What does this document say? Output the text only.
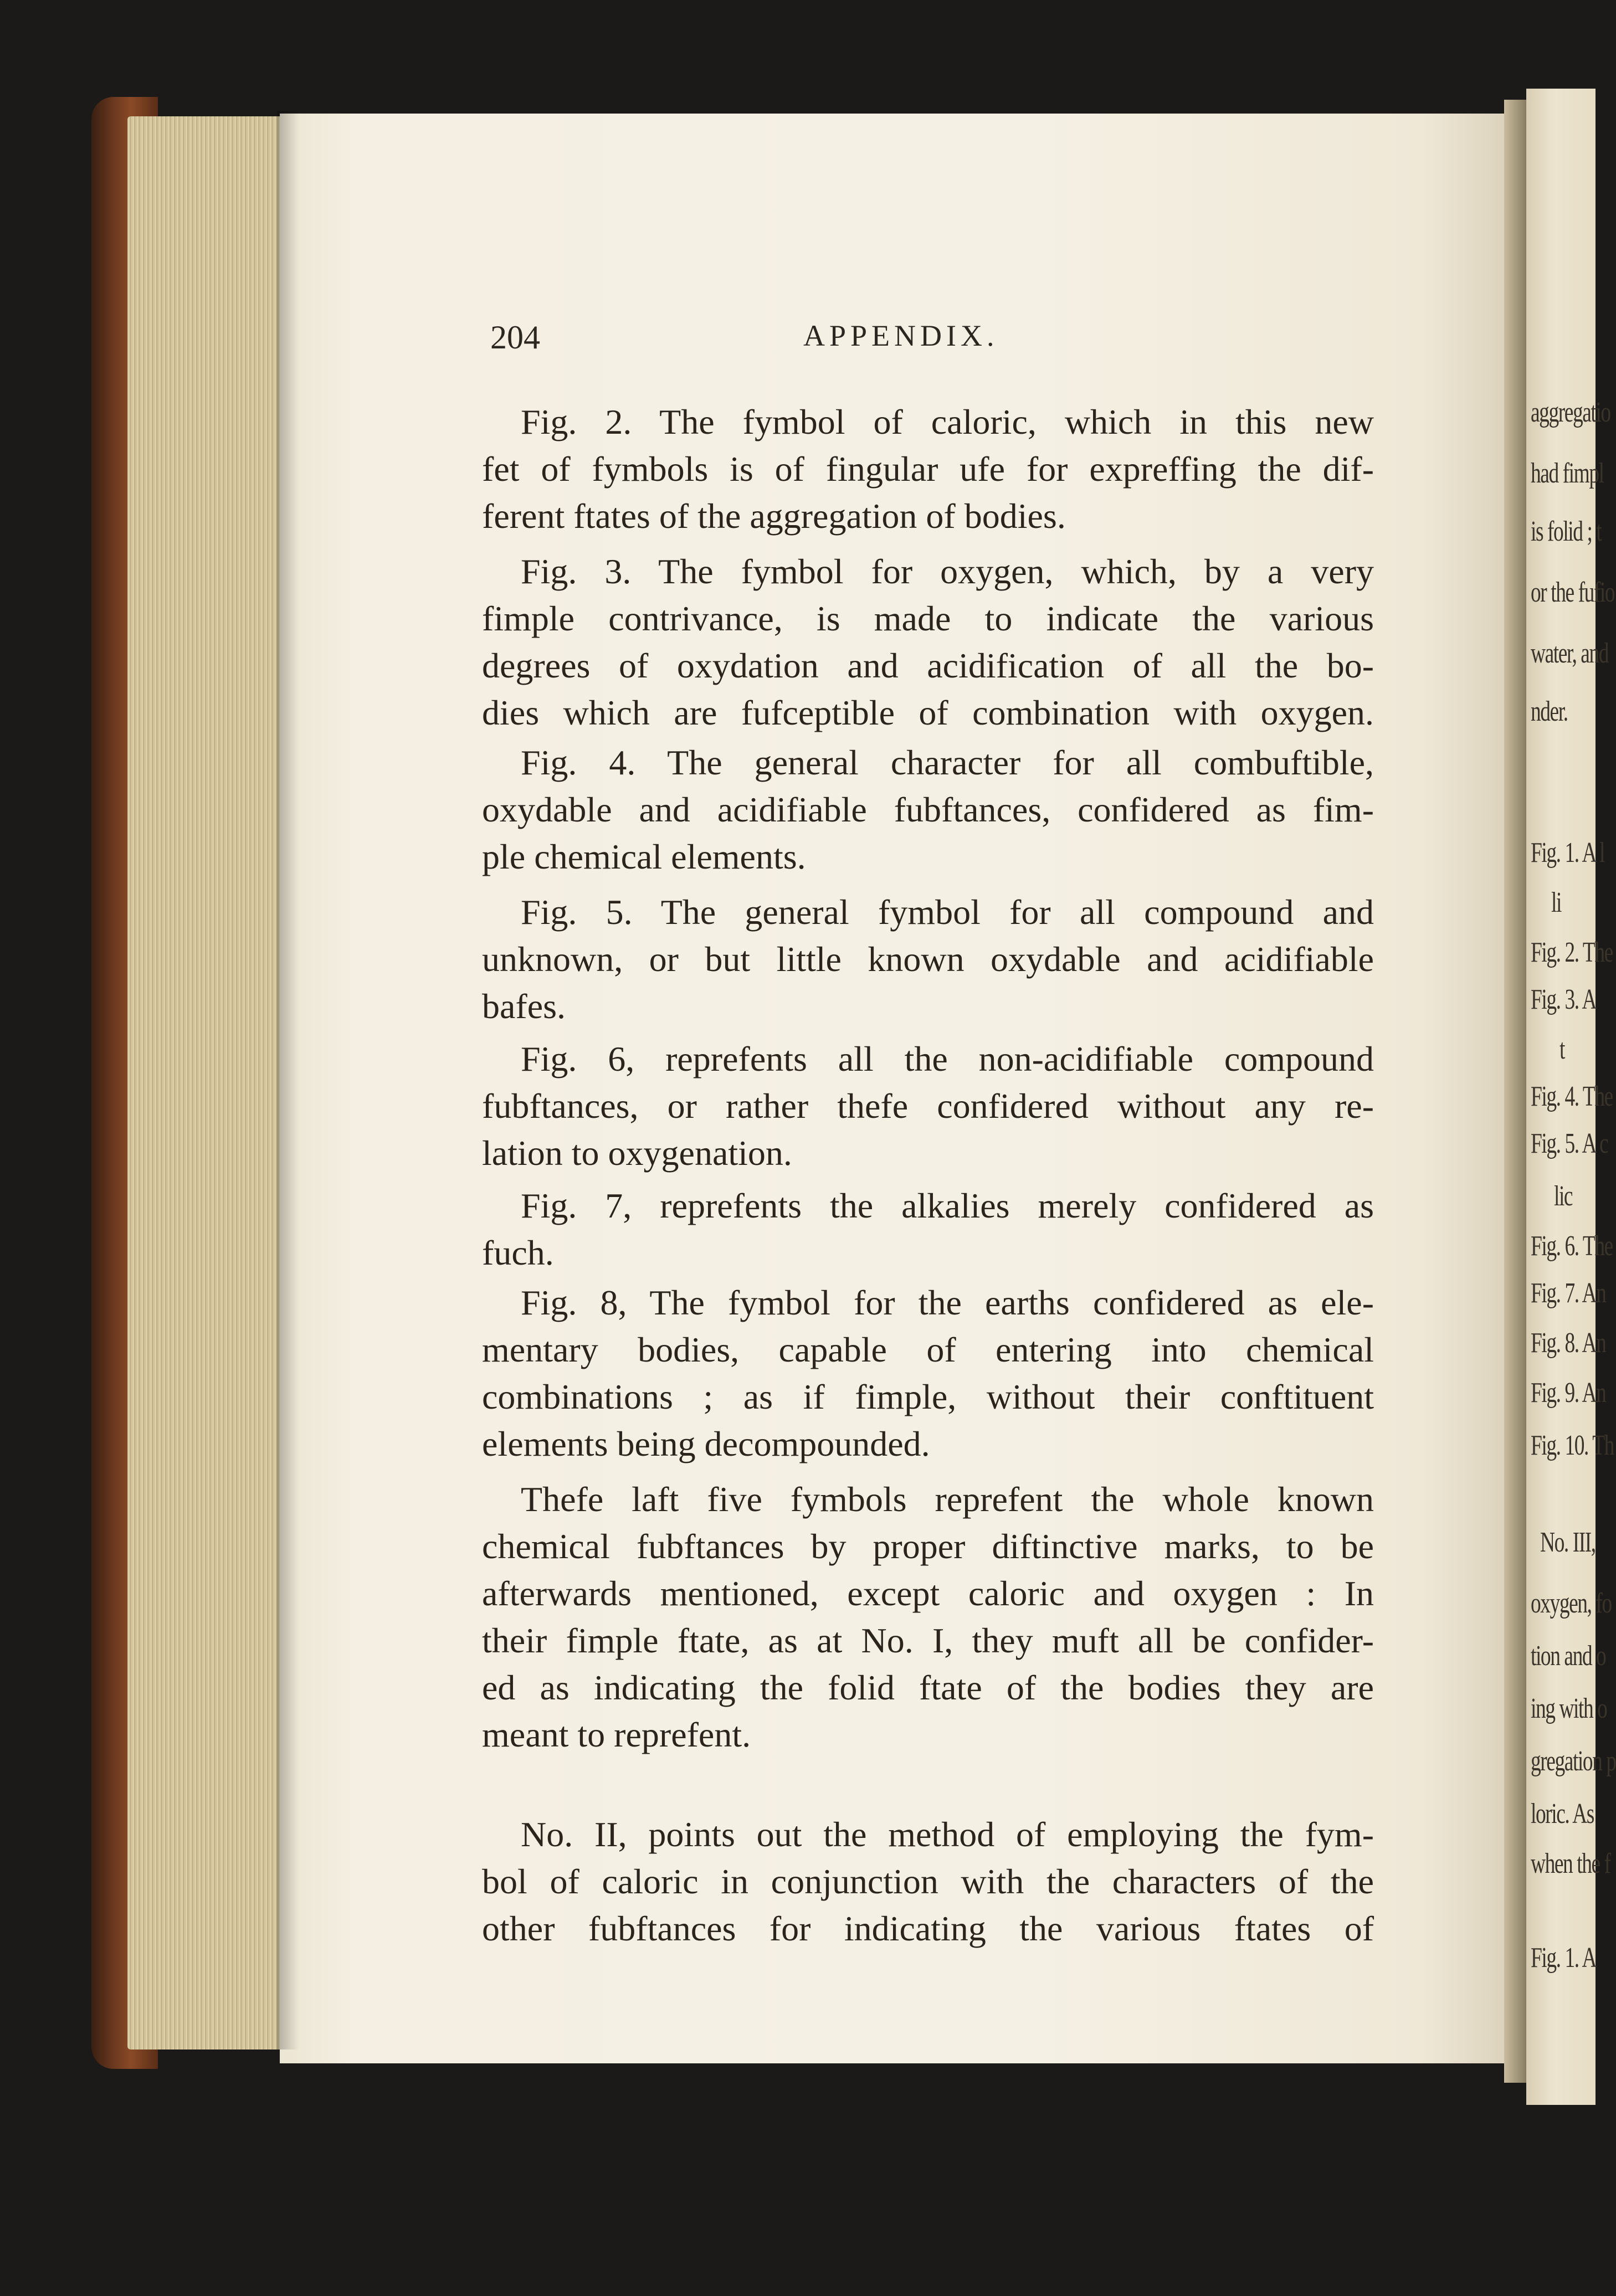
aggregatio
had fimpl
is folid ; t
or the fufio
water, and
nder.
Fig. 1. A l
li
Fig. 2. The
Fig. 3. A
t
Fig. 4. The
Fig. 5. A c
lic
Fig. 6. The
Fig. 7. An
Fig. 8. An
Fig. 9. An
Fig. 10. Th
No. III,
oxygen, fo
tion and o
ing with o
gregation p
loric. As
when the f
Fig. 1. A
204	APPENDIX.
Fig. 2. The fymbol of caloric, which in this new
fet of fymbols is of fingular ufe for expreffing the dif-
ferent ftates of the aggregation of bodies.
Fig. 3. The fymbol for oxygen, which, by a very
fimple contrivance, is made to indicate the various
degrees of oxydation and acidification of all the bo-
dies which are fufceptible of combination with oxygen.
Fig. 4. The general character for all combuftible,
oxydable and acidifiable fubftances, confidered as fim-
ple chemical elements.
Fig. 5. The general fymbol for all compound and
unknown, or but little known oxydable and acidifiable
bafes.
Fig. 6, reprefents all the non-acidifiable compound
fubftances, or rather thefe confidered without any re-
lation to oxygenation.
Fig. 7, reprefents the alkalies merely confidered as
fuch.
Fig. 8, The fymbol for the earths confidered as ele-
mentary bodies, capable of entering into chemical
combinations ; as if fimple, without their conftituent
elements being decompounded.
Thefe laft five fymbols reprefent the whole known
chemical fubftances by proper diftinctive marks, to be
afterwards mentioned, except caloric and oxygen : In
their fimple ftate, as at No. I, they muft all be confider-
ed as indicating the folid ftate of the bodies they are
meant to reprefent.
No. II, points out the method of employing the fym-
bol of caloric in conjunction with the characters of the
other fubftances for indicating the various ftates of
